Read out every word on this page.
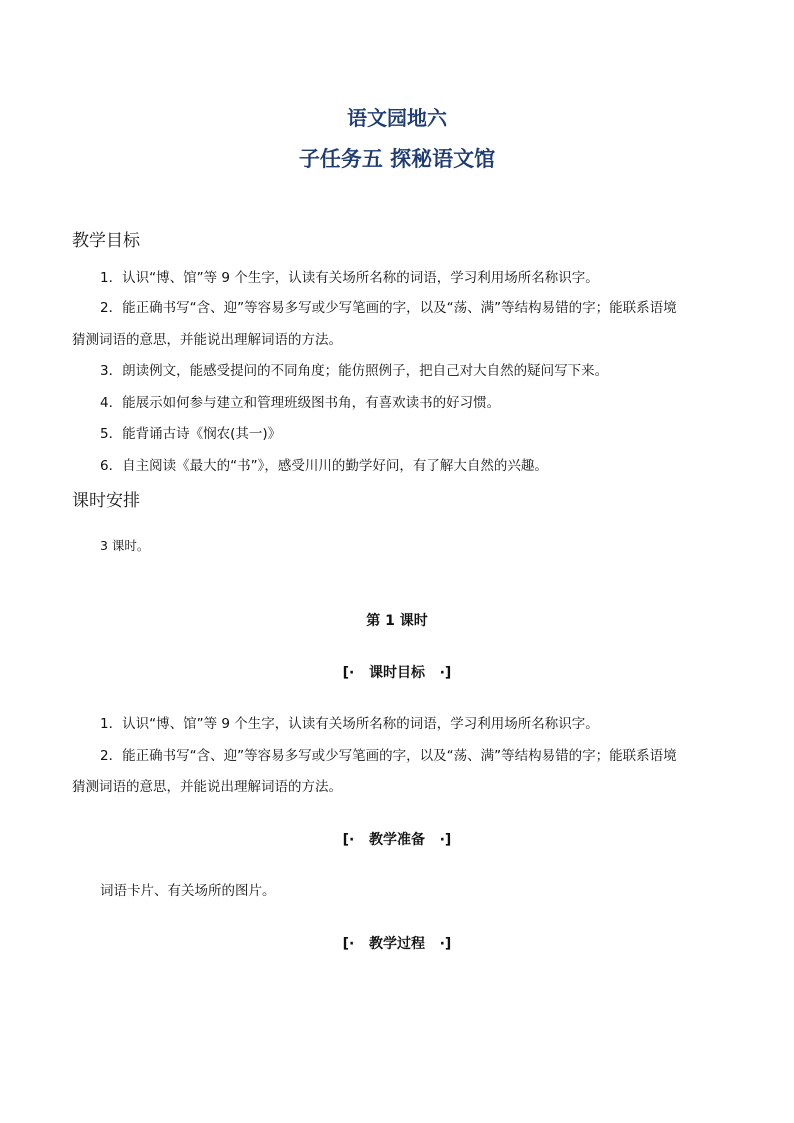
语文园地六
子任务五 探秘语文馆
教学目标
1．认识“博、馆”等 9 个生字，认读有关场所名称的词语，学习利用场所名称识字。
2．能正确书写“含、迎”等容易多写或少写笔画的字，以及“荡、满”等结构易错的字；能联系语境
猜测词语的意思，并能说出理解词语的方法。
3．朗读例文，能感受提问的不同角度；能仿照例子，把自己对大自然的疑问写下来。
4．能展示如何参与建立和管理班级图书角，有喜欢读书的好习惯。
5．能背诵古诗《悯农(其一)》
6．自主阅读《最大的“书”》，感受川川的勤学好问，有了解大自然的兴趣。
课时安排
3 课时。
第 1 课时
[·   课时目标   ·]
1．认识“博、馆”等 9 个生字，认读有关场所名称的词语，学习利用场所名称识字。
2．能正确书写“含、迎”等容易多写或少写笔画的字，以及“荡、满”等结构易错的字；能联系语境
猜测词语的意思，并能说出理解词语的方法。
[·   教学准备   ·]
词语卡片、有关场所的图片。
[·   教学过程   ·]
